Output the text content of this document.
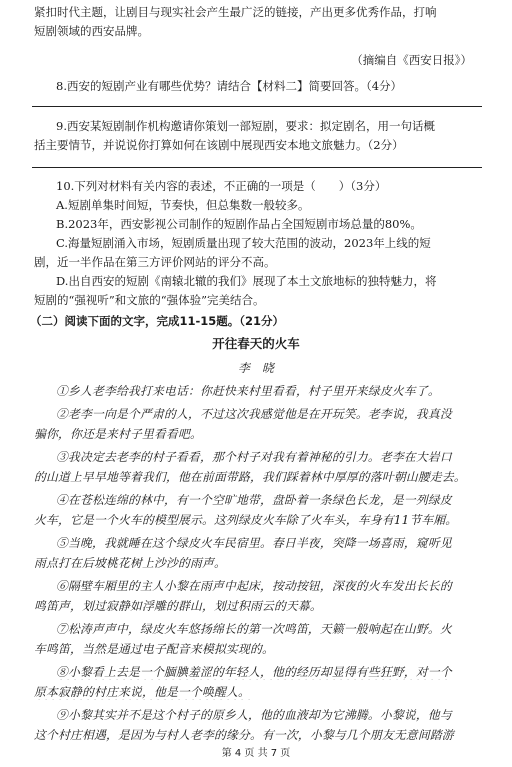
紧扣时代主题，让剧目与现实社会产生最广泛的链接，产出更多优秀作品，打响
短剧领域的西安品牌。
（摘编自《西安日报》）
8.西安的短剧产业有哪些优势？请结合【材料二】简要回答。（4分）
9.西安某短剧制作机构邀请你策划一部短剧，要求：拟定剧名，用一句话概
括主要情节，并说说你打算如何在该剧中展现西安本地文旅魅力。（2分）
10.下列对材料有关内容的表述，不正确的一项是（　　）（3分）
A.短剧单集时间短，节奏快，但总集数一般较多。
B.2023年，西安影视公司制作的短剧作品占全国短剧市场总量的80%。
C.海量短剧涌入市场，短剧质量出现了较大范围的波动，2023年上线的短
剧，近一半作品在第三方评价网站的评分不高。
D.出自西安的短剧《南辕北辙的我们》展现了本土文旅地标的独特魅力，将
短剧的“强视听”和文旅的“强体验”完美结合。
（二）阅读下面的文字，完成11-15题。（21分）
开往春天的火车
李　晓
①乡人老李给我打来电话：你赶快来村里看看，村子里开来绿皮火车了。
②老李一向是个严肃的人，不过这次我感觉他是在开玩笑。老李说，我真没
骗你，你还是来村子里看看吧。
③我决定去老李的村子看看，那个村子对我有着神秘的引力。老李在大岩口
的山道上早早地等着我们，他在前面带路，我们踩着林中厚厚的落叶朝山腰走去。
④在苍松连绵的林中，有一个空旷地带，盘卧着一条绿色长龙，是一列绿皮
火车，它是一个火车的模型展示。这列绿皮火车除了火车头，车身有11节车厢。
⑤当晚，我就睡在这个绿皮火车民宿里。春日半夜，突降一场喜雨，窥听见
雨点打在后坡桃花树上沙沙的雨声。
⑥隔壁车厢里的主人小黎在雨声中起床，按动按钮，深夜的火车发出长长的
鸣笛声，划过寂静如浮雕的群山，划过积雨云的天幕。
⑦松涛声声中，绿皮火车悠扬绵长的第一次鸣笛，天籁一般响起在山野。火
车鸣笛，当然是通过电子配音来模拟实现的。
⑧小黎看上去是一个腼腆羞涩的年轻人，他的经历却显得有些狂野，对一个
原本寂静的村庄来说，他是一个唤醒人。
⑨小黎其实并不是这个村子的原乡人，他的血液却为它沸腾。小黎说，他与
这个村庄相遇，是因为与村人老李的缘分。有一次，小黎与几个朋友无意间踏游
第 4 页 共 7 页
